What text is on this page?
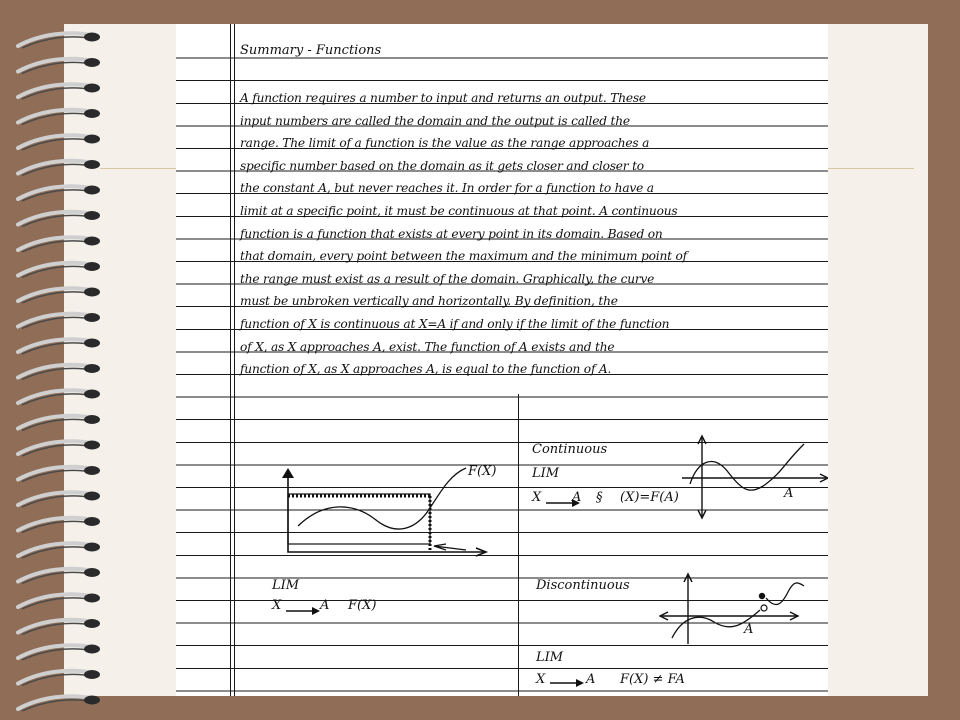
Summary - Functions
A function requires a number to input and returns an output. These
input numbers are called the domain and the output is called the
range. The limit of a function is the value as the range approaches a
specific number based on the domain as it gets closer and closer to
the constant A, but never reaches it. In order for a function to have a
limit at a specific point, it must be continuous at that point. A continuous
function is a function that exists at every point in its domain. Based on
that domain, every point between the maximum and the minimum point of
the range must exist as a result of the domain. Graphically, the curve
must be unbroken vertically and horizontally. By definition, the
function of X is continuous at X=A if and only if the limit of the function
of X, as X approaches A, exist. The function of A exists and the
function of X, as X approaches A, is equal to the function of A.
F(X)
LIM
X	A F(X)
Continuous
LIM
X A § (X)=F(A)	A
Discontinuous
A
LIM
X	A F(X) ≠ FA
